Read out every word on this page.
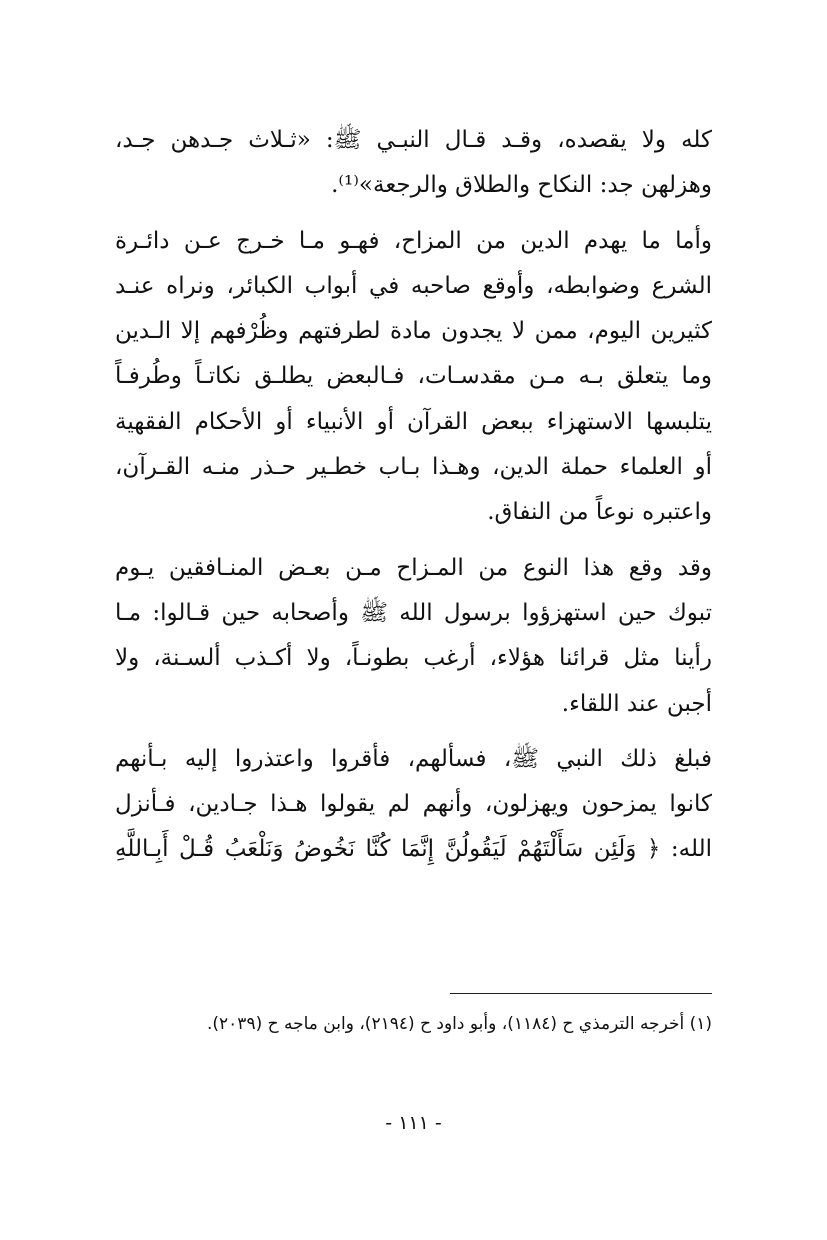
كله ولا يقصده، وقـد قـال النبـي ﷺ: «ثـلاث جـدهن جـد،
وهزلهن جد: النكاح والطلاق والرجعة»⁽¹⁾.
وأما ما يهدم الدين من المزاح، فهـو مـا خـرج عـن دائـرة
الشرع وضوابطه، وأوقع صاحبه في أبواب الكبائر، ونراه عنـد
كثيرين اليوم، ممن لا يجدون مادة لطرفتهم وظُرْفهم إلا الـدين
وما يتعلق بـه مـن مقدسـات، فـالبعض يطلـق نكاتـاً وطُرفـاً
يتلبسها الاستهزاء ببعض القرآن أو الأنبياء أو الأحكام الفقهية
أو العلماء حملة الدين، وهـذا بـاب خطـير حـذر منـه القـرآن،
واعتبره نوعاً من النفاق.
وقد وقع هذا النوع من المـزاح مـن بعـض المنـافقين يـوم
تبوك حين استهزؤوا برسول الله ﷺ وأصحابه حين قـالوا: مـا
رأينا مثل قرائنا هؤلاء، أرغب بطونـاً، ولا أكـذب ألسـنة، ولا
أجبن عند اللقاء.
فبلغ ذلك النبي ﷺ، فسألهم، فأقروا واعتذروا إليه بـأنهم
كانوا يمزحون ويهزلون، وأنهم لم يقولوا هـذا جـادين، فـأنزل
الله: ﴿ وَلَئِن سَأَلْتَهُمْ لَيَقُولُنَّ إِنَّمَا كُنَّا نَخُوضُ وَنَلْعَبُ قُـلْ أَبِـاللَّهِ
(١) أخرجه الترمذي ح (١١٨٤)، وأبو داود ح (٢١٩٤)، وابن ماجه ح (٢٠٣٩).
- ١١١ -
